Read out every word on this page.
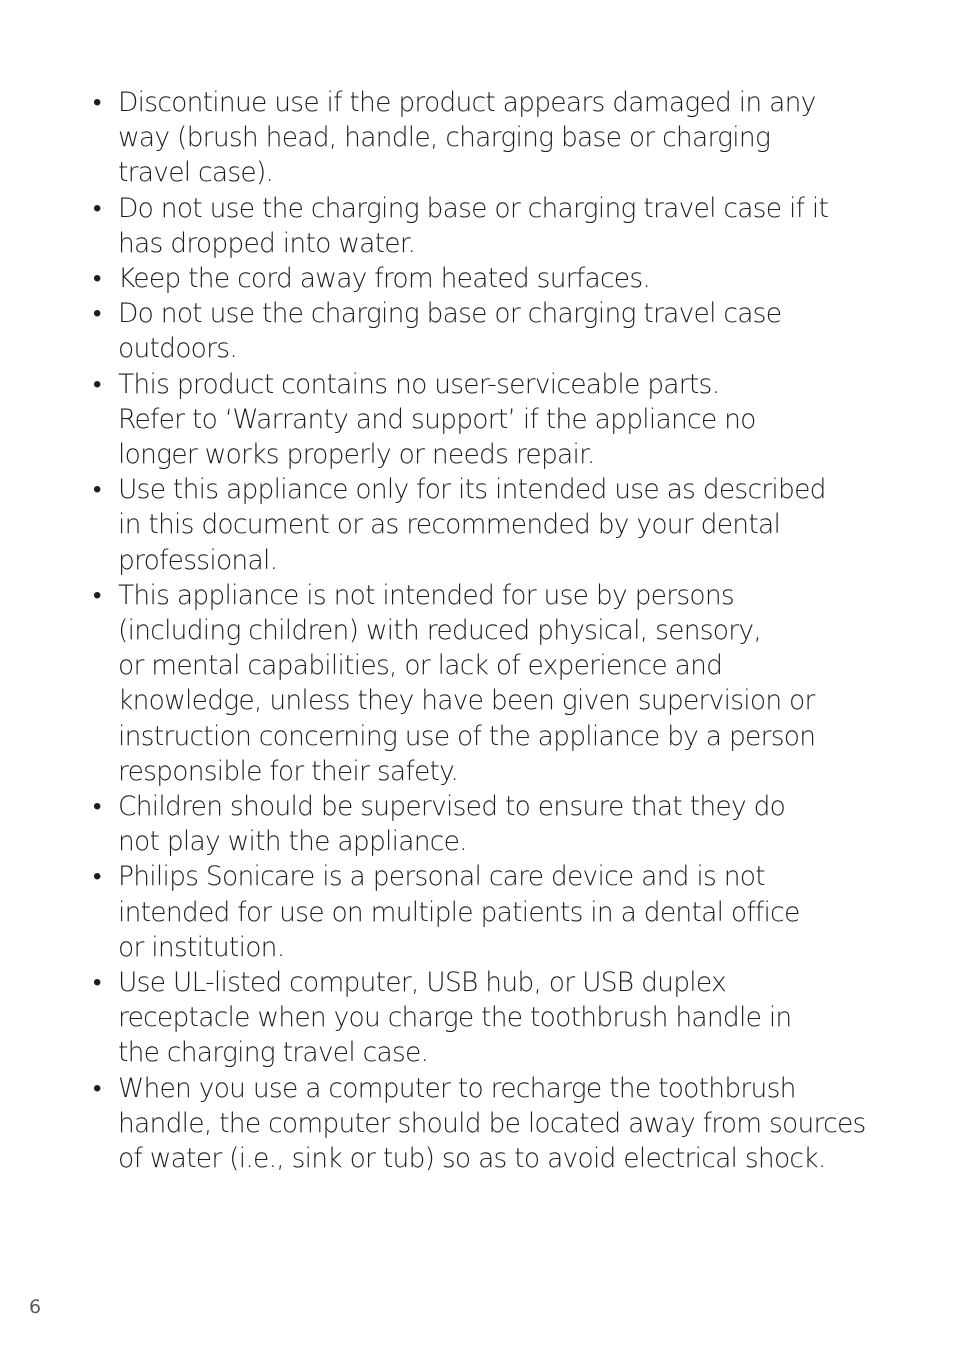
• Discontinue use if the product appears damaged in any
way (brush head, handle, charging base or charging
travel case).
• Do not use the charging base or charging travel case if it
has dropped into water.
• Keep the cord away from heated surfaces.
• Do not use the charging base or charging travel case
outdoors.
• This product contains no user-serviceable parts.
Refer to ‘Warranty and support’ if the appliance no
longer works properly or needs repair.
• Use this appliance only for its intended use as described
in this document or as recommended by your dental
professional.
• This appliance is not intended for use by persons
(including children) with reduced physical, sensory,
or mental capabilities, or lack of experience and
knowledge, unless they have been given supervision or
instruction concerning use of the appliance by a person
responsible for their safety.
• Children should be supervised to ensure that they do
not play with the appliance.
• Philips Sonicare is a personal care device and is not
intended for use on multiple patients in a dental office
or institution.
• Use UL-listed computer, USB hub, or USB duplex
receptacle when you charge the toothbrush handle in
the charging travel case.
• When you use a computer to recharge the toothbrush
handle, the computer should be located away from sources
of water (i.e., sink or tub) so as to avoid electrical shock.
6
